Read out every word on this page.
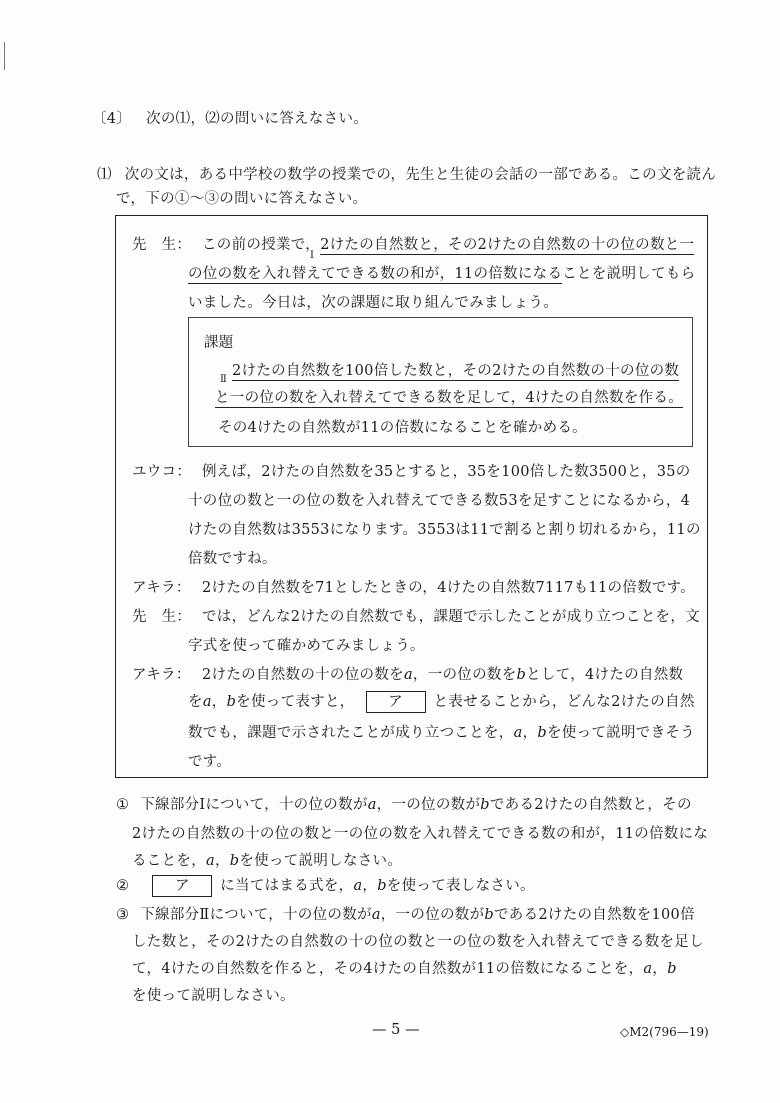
〔4〕 次の⑴，⑵の問いに答えなさい。
⑴ 次の文は，ある中学校の数学の授業での，先生と生徒の会話の一部である。この文を読ん
で，下の①～③の問いに答えなさい。
先　生： この前の授業で，2けたの自然数と，その2けたの自然数の十の位の数と一
Ⅰ
の位の数を入れ替えてできる数の和が，11の倍数になることを説明してもら
いました。今日は，次の課題に取り組んでみましょう。
課題
2けたの自然数を100倍した数と，その2けたの自然数の十の位の数
Ⅱ
と一の位の数を入れ替えてできる数を足して，4けたの自然数を作る。
その4けたの自然数が11の倍数になることを確かめる。
ユウコ： 例えば，2けたの自然数を35とすると，35を100倍した数3500と，35の
十の位の数と一の位の数を入れ替えてできる数53を足すことになるから，4
けたの自然数は3553になります。3553は11で割ると割り切れるから，11の
倍数ですね。
アキラ： 2けたの自然数を71としたときの，4けたの自然数7117も11の倍数です。
先　生： では，どんな2けたの自然数でも，課題で示したことが成り立つことを，文
字式を使って確かめてみましょう。
アキラ： 2けたの自然数の十の位の数をa，一の位の数をbとして，4けたの自然数
をa，bを使って表すと， ア と表せることから，どんな2けたの自然
数でも，課題で示されたことが成り立つことを，a，bを使って説明できそう
です。
① 下線部分Ⅰについて，十の位の数がa，一の位の数がbである2けたの自然数と，その
2けたの自然数の十の位の数と一の位の数を入れ替えてできる数の和が，11の倍数にな
ることを，a，bを使って説明しなさい。
②	ア に当てはまる式を，a，bを使って表しなさい。
③ 下線部分Ⅱについて，十の位の数がa，一の位の数がbである2けたの自然数を100倍
した数と，その2けたの自然数の十の位の数と一の位の数を入れ替えてできる数を足し
て，4けたの自然数を作ると，その4けたの自然数が11の倍数になることを，a，b
を使って説明しなさい。
— 5 —	◇M2(796—19)
